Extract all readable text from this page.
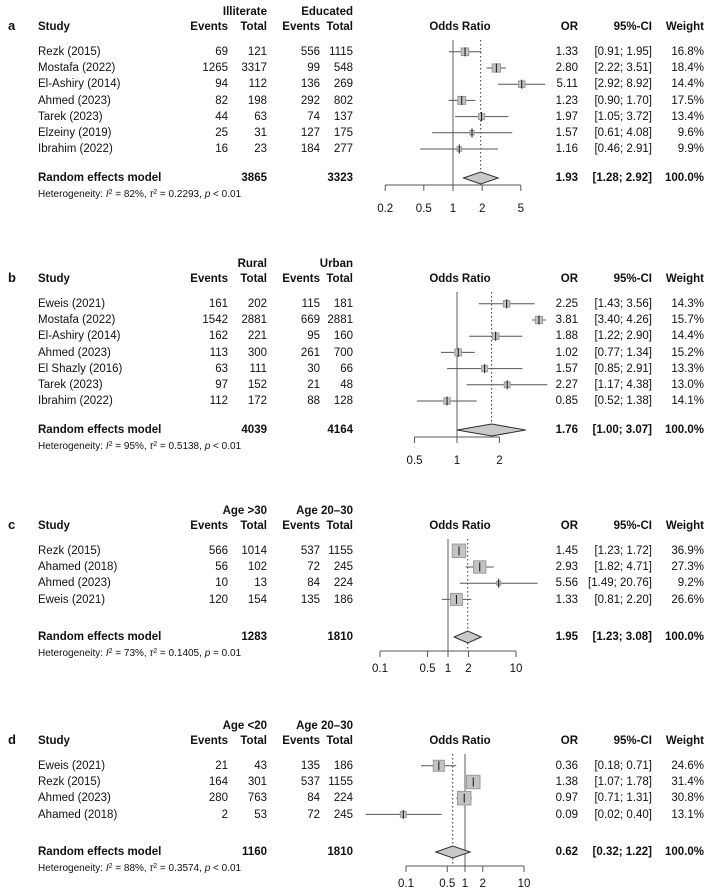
a
Illiterate	Educated
Study	Events	Total	Events Total	Odds Ratio	OR	95%-CI	Weight
Rezk (2015)	69	121	556 1115	1.33	[0.91; 1.95]	16.8%
Mostafa (2022)	1265	3317	99	548	2.80	[2.22; 3.51]	18.4%
El-Ashiry (2014)	94	112	136	269	5.11	[2.92; 8.92]	14.4%
Ahmed (2023)	82	198	292	802	1.23	[0.90; 1.70]	17.5%
Tarek (2023)	44	63	74	137	1.97	[1.05; 3.72]	13.4%
Elzeiny (2019)	25	31	127	175	1.57	[0.61; 4.08]	9.6%
Ibrahim (2022)	16	23	184	277	1.16	[0.46; 2.91]	9.9%
Random effects model	3865	3323	1.93	[1.28; 2.92]	100.0%
Heterogeneity: $I^2 = 82\%$, $\tau^2 = 0.2293$, p < 0.01
0.2 0.5 1 2	5
b
Rural	Urban
Study	Events	Total	Events Total	Odds Ratio	OR	95%-CI	Weight
Eweis (2021)	161	202	115	181	2.25	[1.43; 3.56]	14.3%
Mostafa (2022)	1542	2881	669 2881	3.81	[3.40; 4.26]	15.7%
El-Ashiry (2014)	162	221	95	160	1.88	[1.22; 2.90]	14.4%
Ahmed (2023)	113	300	261	700	1.02	[0.77; 1.34]	15.2%
El Shazly (2016)	63	111	30	66	1.57	[0.85; 2.91]	13.3%
Tarek (2023)	97	152	21	48	2.27	[1.17; 4.38]	13.0%
Ibrahim (2022)	112	172	88	128	0.85	[0.52; 1.38]	14.1%
Random effects model	4039	4164	1.76	[1.00; 3.07]	100.0%
Heterogeneity: $I^2 = 95\%$, $\tau^2 = 0.5138$, p < 0.01
0.5	1	2
c
Age >30	Age 20–30
Study	Events	Total	Events Total	Odds Ratio	OR	95%-CI	Weight
Rezk (2015)	566	1014	537 1155	1.45	[1.23; 1.72]	36.9%
Ahamed (2018)	56	102	72	245	2.93	[1.82; 4.71]	27.3%
Ahmed (2023)	10	13	84	224	5.56 [1.49; 20.76]	9.2%
Eweis (2021)	120	154	135	186	1.33	[0.81; 2.20]	26.6%
Random effects model	1283	1810	1.95	[1.23; 3.08]	100.0%
Heterogeneity: $I^2 = 73\%$, $\tau^2 = 0.1405$, p = 0.01
0.1	0.5 1 2	10
d
Age <20	Age 20–30
Study	Events	Total	Events Total	Odds Ratio	OR	95%-CI	Weight
Eweis (2021)	21	43	135	186	0.36	[0.18; 0.71]	24.6%
Rezk (2015)	164	301	537 1155	1.38	[1.07; 1.78]	31.4%
Ahmed (2023)	280	763	84	224	0.97	[0.71; 1.31]	30.8%
Ahamed (2018)	2	53	72	245	0.09	[0.02; 0.40]	13.1%
Random effects model	1160	1810	0.62	[0.32; 1.22]	100.0%
Heterogeneity: $I^2 = 88\%$, $\tau^2 = 0.3574$, p < 0.01
0.1 0.5 1 2	10
